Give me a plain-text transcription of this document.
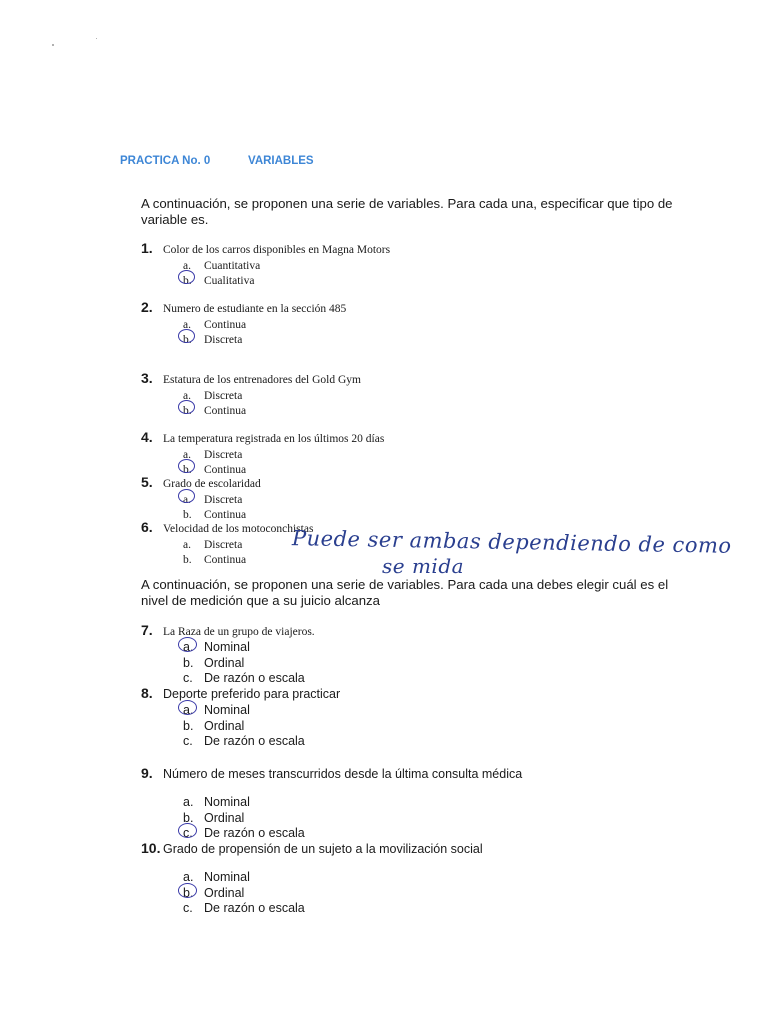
PRACTICA No. 0	VARIABLES
A continuación, se proponen una serie de variables. Para cada una, especificar que tipo de variable es.
1. Color de los carros disponibles en Magna Motors
a. Cuantitativa
b. Cualitativa
2. Numero de estudiante en la sección 485
a. Continua
b. Discreta
3. Estatura de los entrenadores del Gold Gym
a. Discreta
b. Continua
4. La temperatura registrada en los últimos 20 días
a. Discreta
b. Continua
5. Grado de escolaridad
a. Discreta
b. Continua
6. Velocidad de los motoconchistas
a. Discreta
b. Continua
Puede ser ambas dependiendo de como
se mida
A continuación, se proponen una serie de variables. Para cada una debes elegir cuál es el nivel de medición que a su juicio alcanza
7. La Raza de un grupo de viajeros.
a. Nominal
b. Ordinal
c. De razón o escala
8. Deporte preferido para practicar
a. Nominal
b. Ordinal
c. De razón o escala
9. Número de meses transcurridos desde la última consulta médica
a. Nominal
b. Ordinal
c. De razón o escala
10. Grado de propensión de un sujeto a la movilización social
a. Nominal
b. Ordinal
c. De razón o escala
